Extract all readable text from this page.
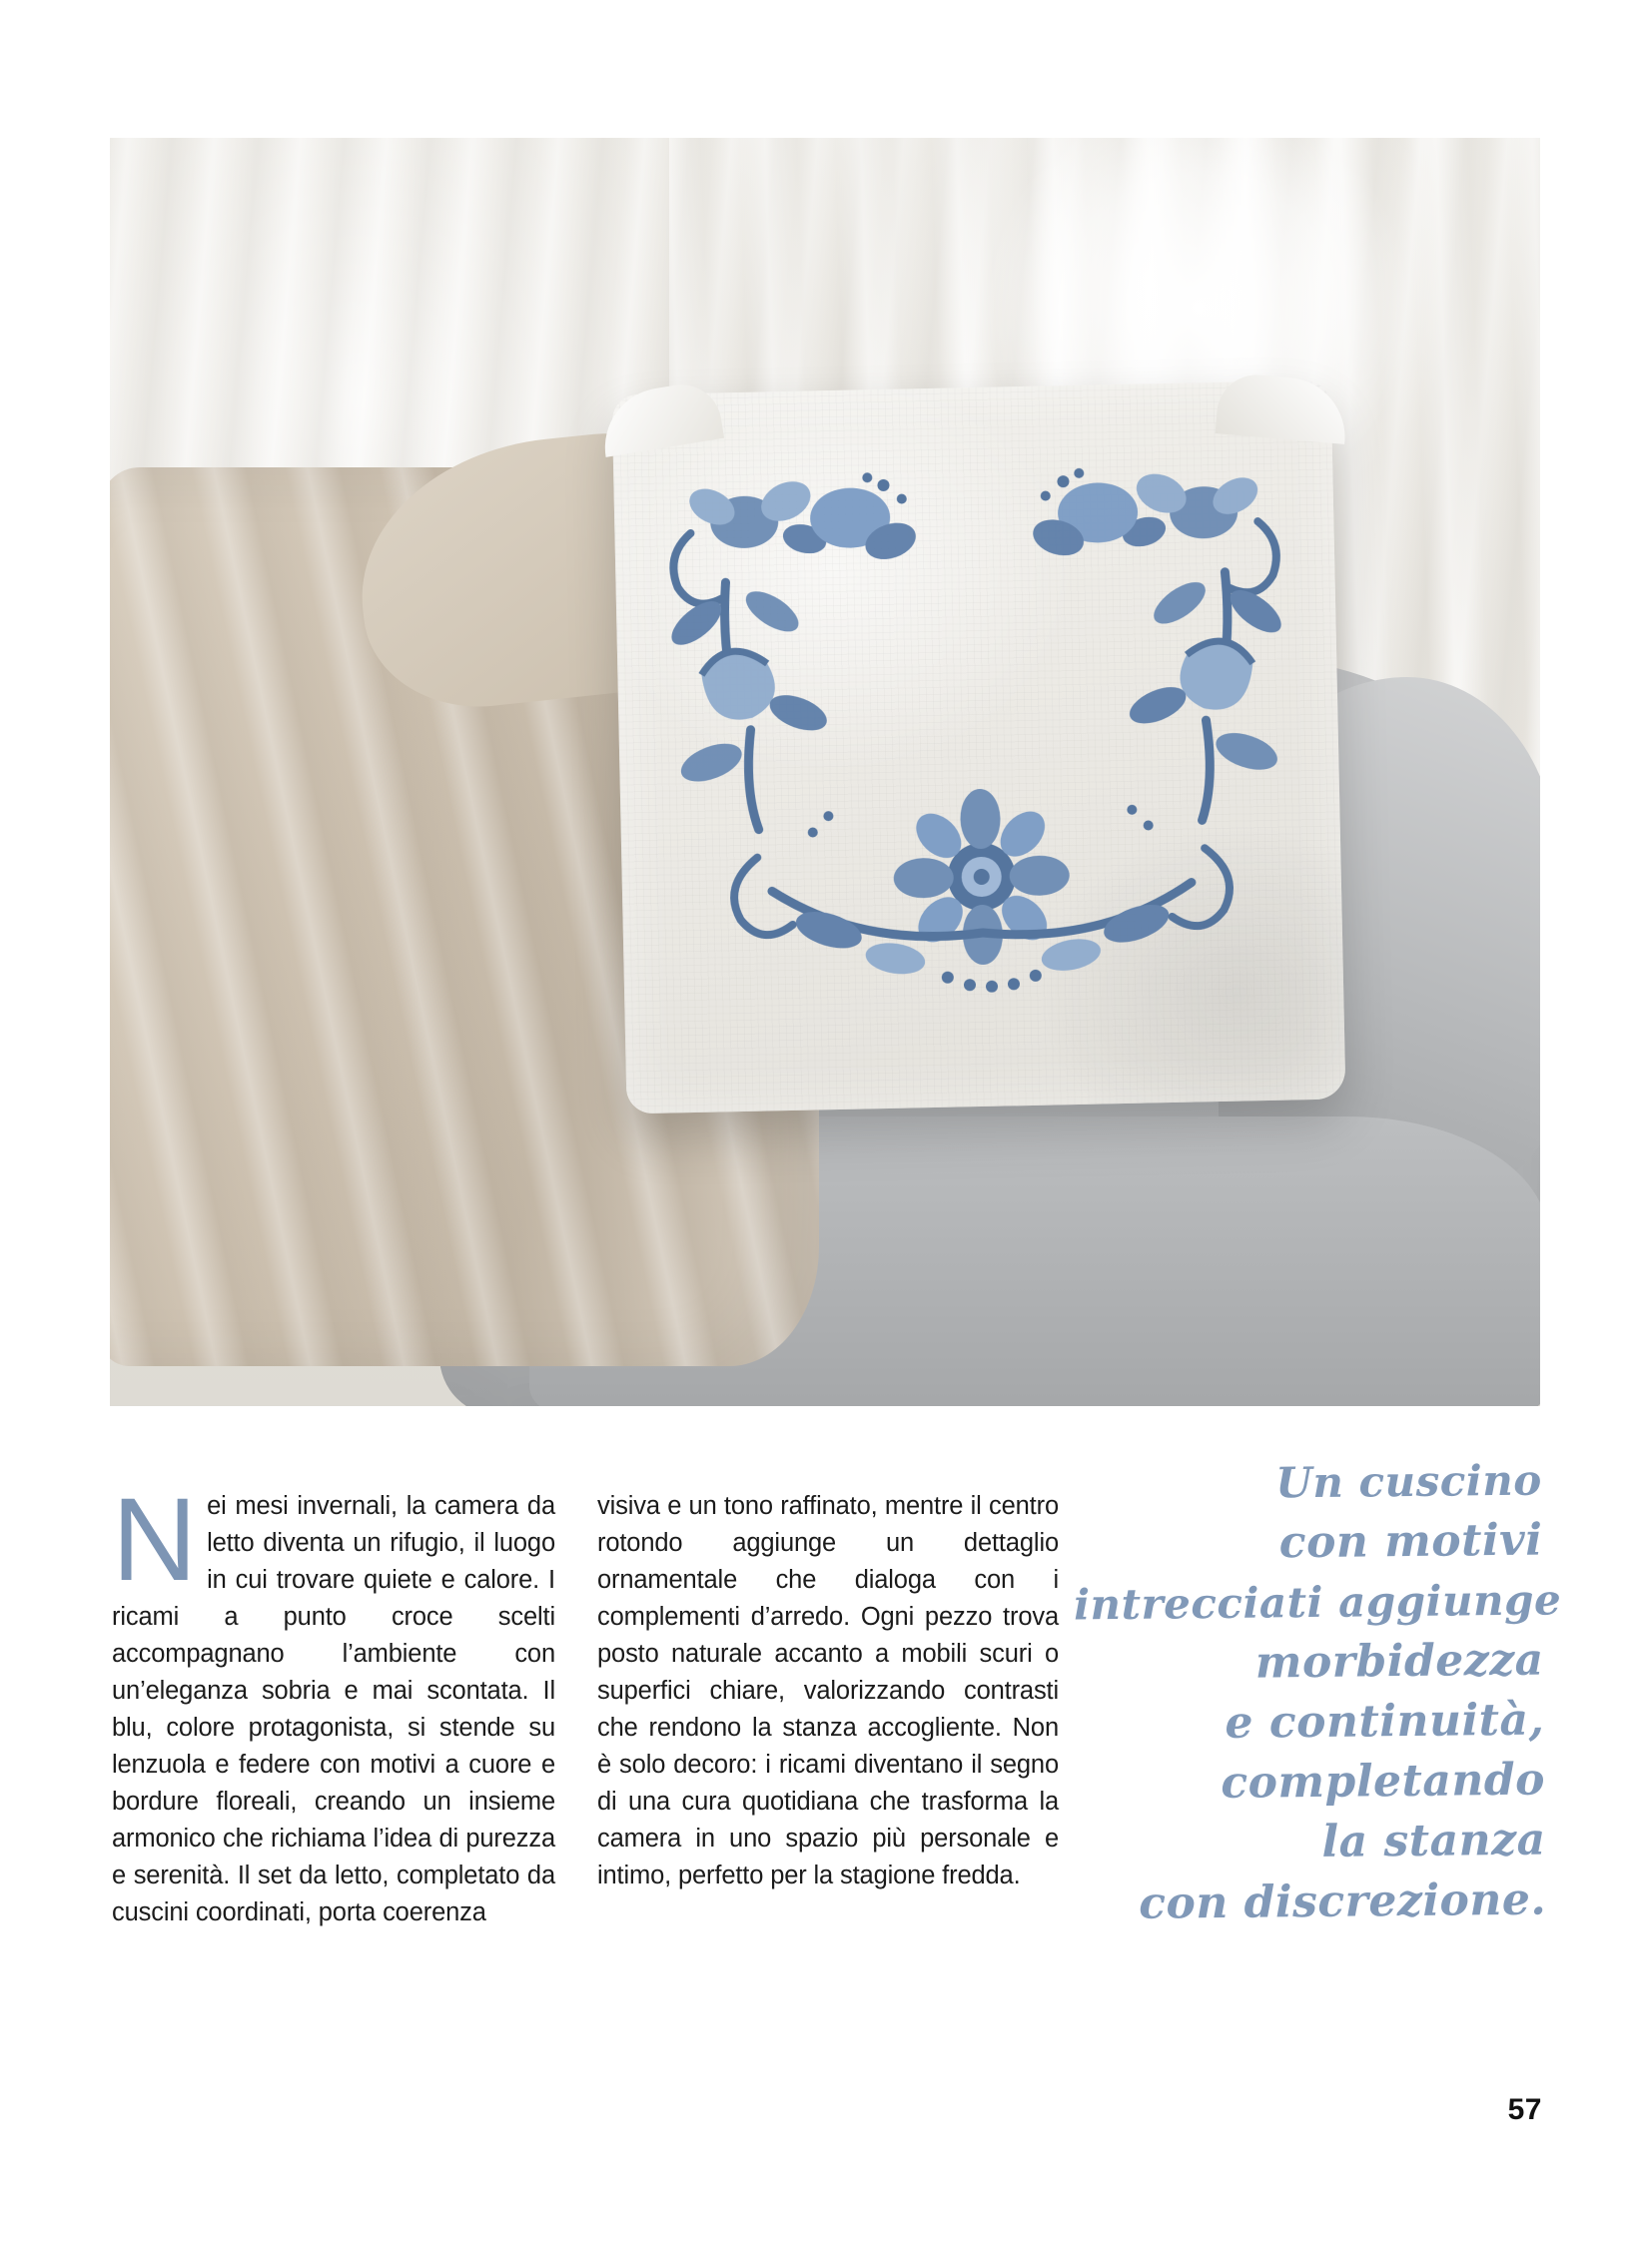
Nei mesi invernali, la camera da letto diventa un rifugio, il luogo in cui trovare quiete e calore. I ricami a punto croce scelti accompagnano l’ambiente con un’eleganza sobria e mai scontata. Il blu, colore protagonista, si stende su lenzuola e federe con motivi a cuore e bordure floreali, creando un insieme armonico che richiama l’idea di purezza e serenità. Il set da letto, completato da cuscini coordinati, porta coerenza
visiva e un tono raffinato, mentre il centro rotondo aggiunge un dettaglio ornamentale che dialoga con i complementi d’arredo. Ogni pezzo trova posto naturale accanto a mobili scuri o superfici chiare, valorizzando contrasti che rendono la stanza accogliente. Non è solo decoro: i ricami diventano il segno di una cura quotidiana che trasforma la camera in uno spazio più personale e intimo, perfetto per la stagione fredda.
Un cuscino
con motivi
intrecciati aggiunge
morbidezza
e continuità,
completando
la stanza
con discrezione.
57
